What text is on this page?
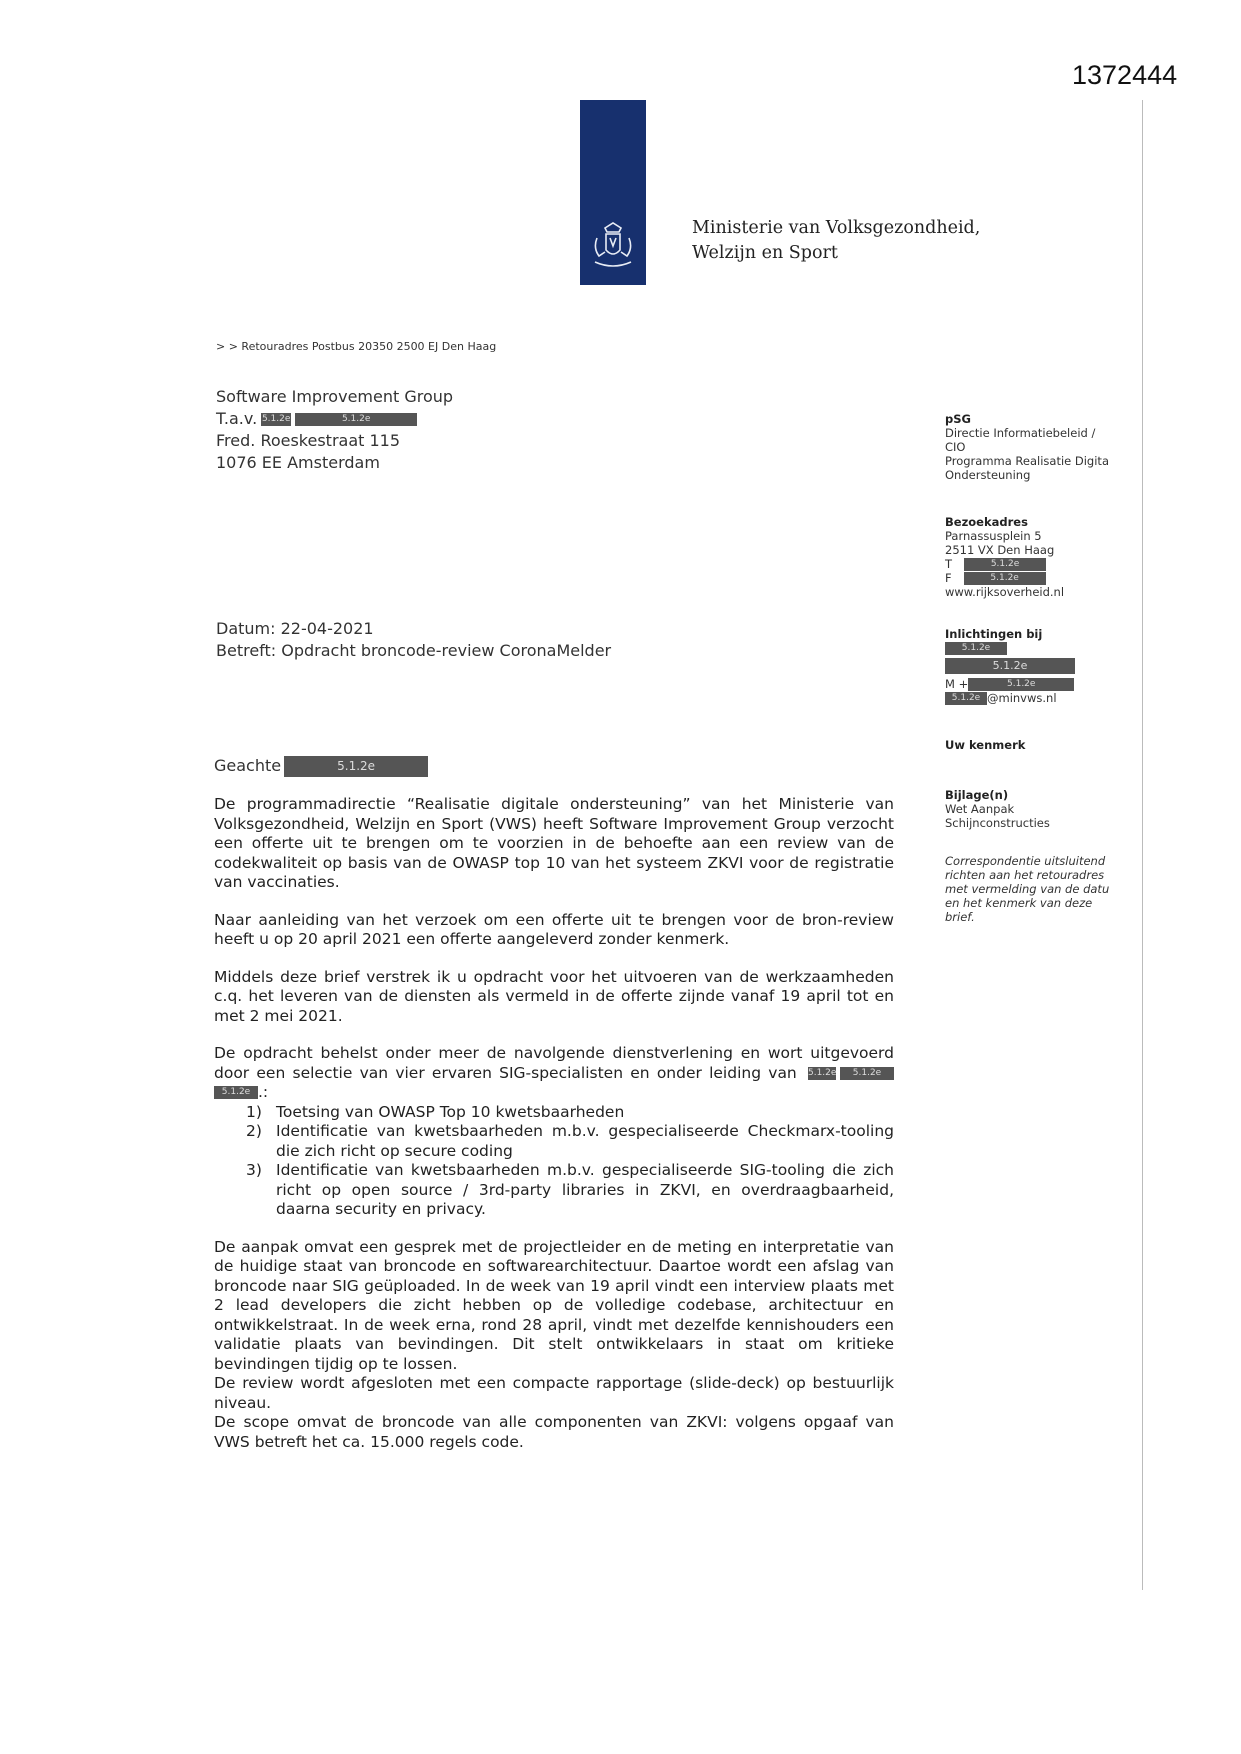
1372444
Ministerie van Volksgezondheid,
Welzijn en Sport
> > Retouradres Postbus 20350 2500 EJ Den Haag
Software Improvement Group
T.a.v. 5.1.2e	5.1.2e
Fred. Roeskestraat 115
1076 EE Amsterdam
pSG
Directie Informatiebeleid /
CIO
Programma Realisatie Digita
Ondersteuning
Bezoekadres
Parnassusplein 5
2511 VX Den Haag
T	5.1.2e
F	5.1.2e
www.rijksoverheid.nl
Inlichtingen bij
5.1.2e
5.1.2e
M +	5.1.2e
5.1.2e @minvws.nl
Uw kenmerk
Bijlage(n)
Wet Aanpak
Schijnconstructies
Correspondentie uitsluitend
richten aan het retouradres
met vermelding van de datu
en het kenmerk van deze
brief.
Datum: 22-04-2021
Betreft: Opdracht broncode-review CoronaMelder
Geachte	5.1.2e

De programmadirectie “Realisatie digitale ondersteuning” van het Ministerie van Volksgezondheid, Welzijn en Sport (VWS) heeft Software Improvement Group verzocht een offerte uit te brengen om te voorzien in de behoefte aan een review van de codekwaliteit op basis van de OWASP top 10 van het systeem ZKVI voor de registratie van vaccinaties.

Naar aanleiding van het verzoek om een offerte uit te brengen voor de bron-review heeft u op 20 april 2021 een offerte aangeleverd zonder kenmerk.

Middels deze brief verstrek ik u opdracht voor het uitvoeren van de werkzaamheden c.q. het leveren van de diensten als vermeld in de offerte zijnde vanaf 19 april tot en met 2 mei 2021.

De opdracht behelst onder meer de navolgende dienstverlening en wort uitgevoerd door een selectie van vier ervaren SIG-specialisten en onder leiding van 5.1.2e 5.1.2e 5.1.2e .:
1) Toetsing van OWASP Top 10 kwetsbaarheden
2) Identificatie van kwetsbaarheden m.b.v. gespecialiseerde Checkmarx-tooling die zich richt op secure coding
3) Identificatie van kwetsbaarheden m.b.v. gespecialiseerde SIG-tooling die zich richt op open source / 3rd-party libraries in ZKVI, en overdraagbaarheid, daarna security en privacy.

De aanpak omvat een gesprek met de projectleider en de meting en interpretatie van de huidige staat van broncode en softwarearchitectuur. Daartoe wordt een afslag van broncode naar SIG geüploaded. In de week van 19 april vindt een interview plaats met 2 lead developers die zicht hebben op de volledige codebase, architectuur en ontwikkelstraat. In de week erna, rond 28 april, vindt met dezelfde kennishouders een validatie plaats van bevindingen. Dit stelt ontwikkelaars in staat om kritieke bevindingen tijdig op te lossen.

De review wordt afgesloten met een compacte rapportage (slide-deck) op bestuurlijk niveau.

De scope omvat de broncode van alle componenten van ZKVI: volgens opgaaf van VWS betreft het ca. 15.000 regels code.
